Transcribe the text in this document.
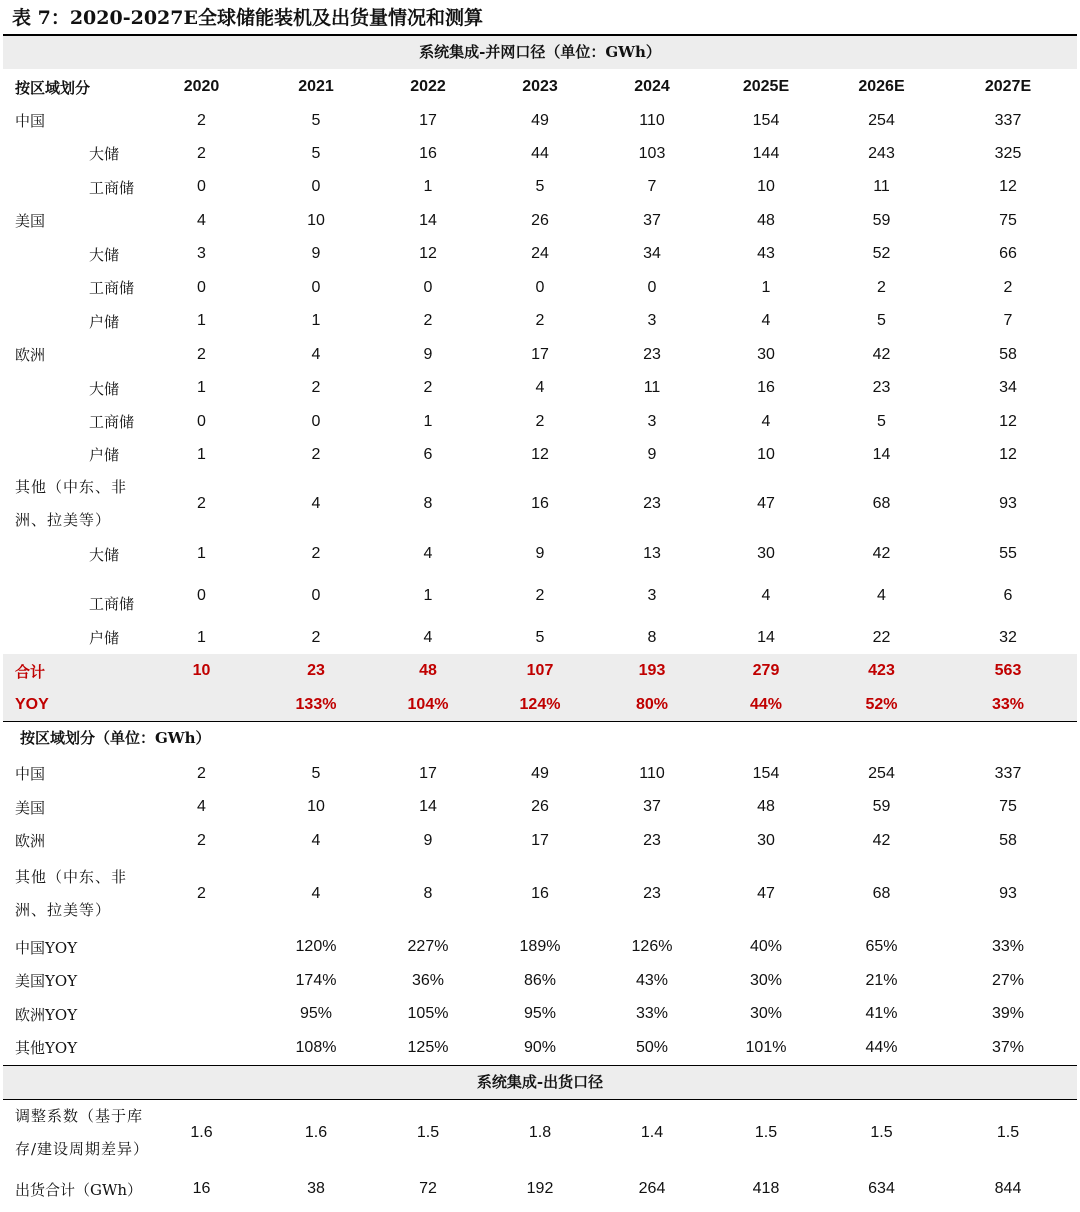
表 7：2020-2027E全球储能装机及出货量情况和测算
系统集成-并网口径（单位：GWh）
按区域划分	2020	2021	2022	2023	2024	2025E	2026E	2027E	
中国	2	5	17	49	110	154	254	337	
大储	2	5	16	44	103	144	243	325	
工商储	0	0	1	5	7	10	11	12	
美国	4	10	14	26	37	48	59	75	
大储	3	9	12	24	34	43	52	66	
工商储	0	0	0	0	0	1	2	2	
户储	1	1	2	2	3	4	5	7	
欧洲	2	4	9	17	23	30	42	58	
大储	1	2	2	4	11	16	23	34	
工商储	0	0	1	2	3	4	5	12	
户储	1	2	6	12	9	10	14	12	
其他（中东、非洲、拉美等）	2	4	8	16	23	47	68	93	
大储	1	2	4	9	13	30	42	55	
工商储	0	0	1	2	3	4	4	6	
户储	1	2	4	5	8	14	22	32	
合计	10	23	48	107	193	279	423	563	
YOY		133%	104%	124%	80%	44%	52%	33%	
按区域划分（单位：GWh）
中国	2	5	17	49	110	154	254	337	
美国	4	10	14	26	37	48	59	75	
欧洲	2	4	9	17	23	30	42	58	
其他（中东、非洲、拉美等）	2	4	8	16	23	47	68	93	
中国YOY		120%	227%	189%	126%	40%	65%	33%	
美国YOY		174%	36%	86%	43%	30%	21%	27%	
欧洲YOY		95%	105%	95%	33%	30%	41%	39%	
其他YOY		108%	125%	90%	50%	101%	44%	37%	
系统集成-出货口径
调整系数（基于库存/建设周期差异）	1.6	1.6	1.5	1.8	1.4	1.5	1.5	1.5	
出货合计（GWh）	16	38	72	192	264	418	634	844	
